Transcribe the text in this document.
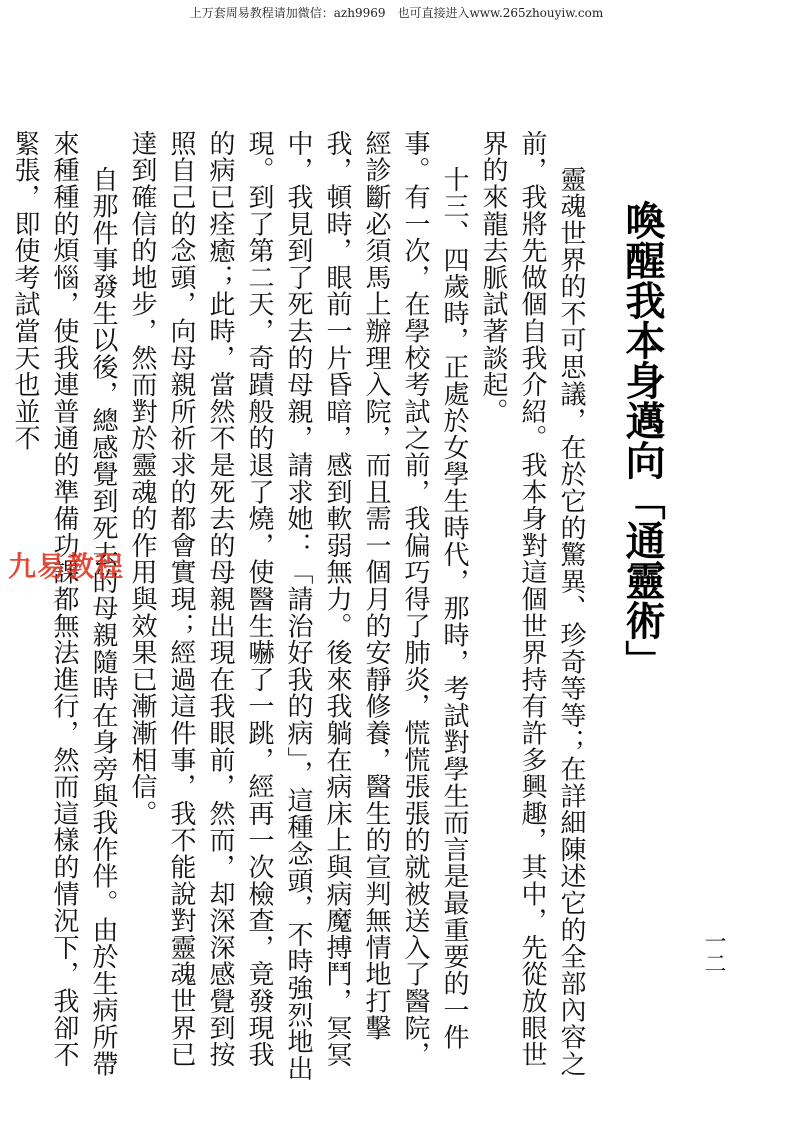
上万套周易教程请加微信：azh9969　也可直接进入www.265zhouyiw.com
喚醒我本身邁向「通靈術」
一二

靈魂世界的不可思議，在於它的驚異、珍奇等等；在詳細陳述它的全部內容之前，我將先做個自我介紹。我本身對這個世界持有許多興趣，其中，先從放眼世界的來龍去脈試著談起。

十三、四歲時，正處於女學生時代，那時，考試對學生而言是最重要的一件事。有一次，在學校考試之前，我偏巧得了肺炎，慌慌張張的就被送入了醫院，經診斷必須馬上辦理入院，而且需一個月的安靜修養，醫生的宣判無情地打擊我，頓時，眼前一片昏暗，感到軟弱無力。後來我躺在病床上與病魔搏鬥，冥冥中，我見到了死去的母親，請求她：「請治好我的病」，這種念頭，不時強烈地出現。到了第二天，奇蹟般的退了燒，使醫生嚇了一跳，經再一次檢查，竟發現我的病已痊癒；此時，當然不是死去的母親出現在我眼前，然而，却深深感覺到按照自己的念頭，向母親所祈求的都會實現；經過這件事，我不能說對靈魂世界已達到確信的地步，然而對於靈魂的作用與效果已漸漸相信。

自那件事發生以後，總感覺到死去的母親隨時在身旁與我作伴。由於生病所帶來種種的煩惱，使我連普通的準備功課都無法進行，然而這樣的情況下，我卻不緊張，即使考試當天也並不

九易教程
